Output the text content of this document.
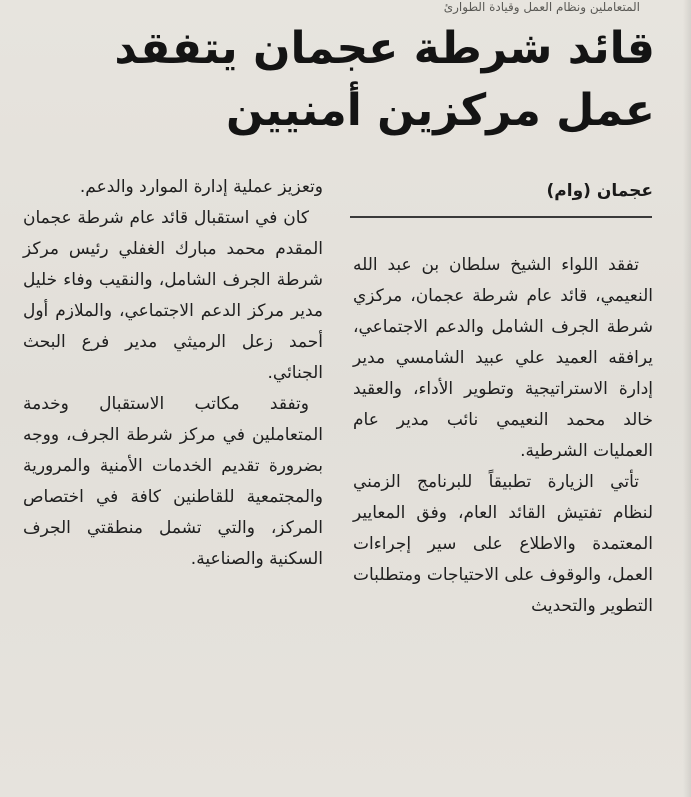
المتعاملين ونظام العمل وقيادة الطوارئ
قائد شرطة عجمان يتفقد
عمل مركزين أمنيين
عجمان (وام)

تفقد اللواء الشيخ سلطان بن عبد الله النعيمي، قائد عام شرطة عجمان، مركزي شرطة الجرف الشامل والدعم الاجتماعي، يرافقه العميد علي عبيد الشامسي مدير إدارة الاستراتيجية وتطوير الأداء، والعقيد خالد محمد النعيمي نائب مدير عام العمليات الشرطية.

تأتي الزيارة تطبيقاً للبرنامج الزمني لنظام تفتيش القائد العام، وفق المعايير المعتمدة والاطلاع على سير إجراءات العمل، والوقوف على الاحتياجات ومتطلبات التطوير والتحديث

وتعزيز عملية إدارة الموارد والدعم.

كان في استقبال قائد عام شرطة عجمان المقدم محمد مبارك الغفلي رئيس مركز شرطة الجرف الشامل، والنقيب وفاء خليل مدير مركز الدعم الاجتماعي، والملازم أول أحمد زعل الرميثي مدير فرع البحث الجنائي.

وتفقد مكاتب الاستقبال وخدمة المتعاملين في مركز شرطة الجرف، ووجه بضرورة تقديم الخدمات الأمنية والمرورية والمجتمعية للقاطنين كافة في اختصاص المركز، والتي تشمل منطقتي الجرف السكنية والصناعية.
